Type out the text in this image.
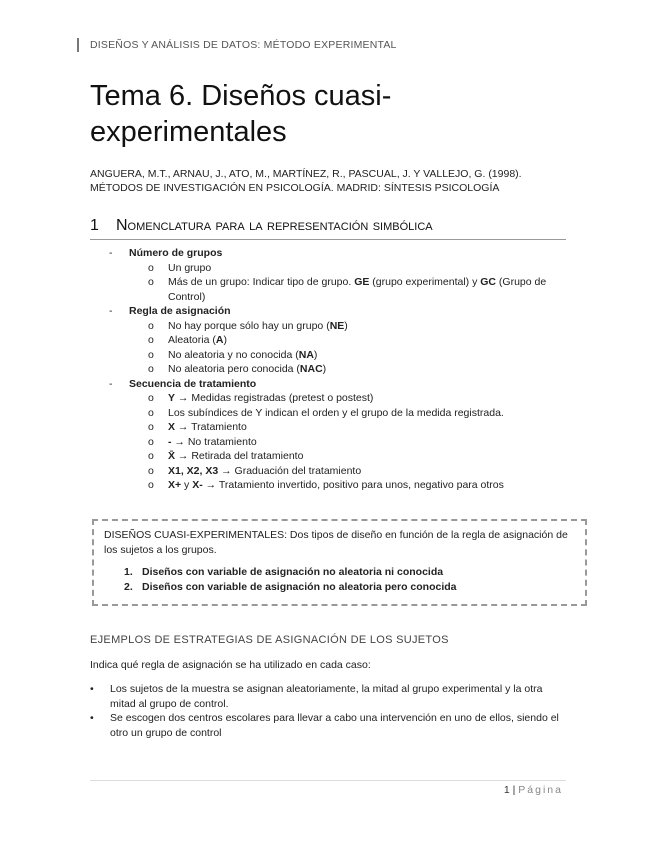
DISEÑOS Y ANÁLISIS DE DATOS: MÉTODO EXPERIMENTAL
Tema 6. Diseños cuasi-experimentales
ANGUERA, M.T., ARNAU, J., ATO, M., MARTÍNEZ, R., PASCUAL, J. Y VALLEJO, G. (1998).
MÉTODOS DE INVESTIGACIÓN EN PSICOLOGÍA. MADRID: SÍNTESIS PSICOLOGÍA
1 Nomenclatura para la representación simbólica
- Número de grupos
o Un grupo
o Más de un grupo: Indicar tipo de grupo. GE (grupo experimental) y GC (Grupo de Control)
- Regla de asignación
o No hay porque sólo hay un grupo (NE)
o Aleatoria (A)
o No aleatoria y no conocida (NA)
o No aleatoria pero conocida (NAC)
- Secuencia de tratamiento
o Y → Medidas registradas (pretest o postest)
o Los subíndices de Y indican el orden y el grupo de la medida registrada.
o X → Tratamiento
o - → No tratamiento
o X̄ → Retirada del tratamiento
o X1, X2, X3 → Graduación del tratamiento
o X+ y X- → Tratamiento invertido, positivo para unos, negativo para otros
DISEÑOS CUASI-EXPERIMENTALES: Dos tipos de diseño en función de la regla de asignación de los sujetos a los grupos.
1. Diseños con variable de asignación no aleatoria ni conocida
2. Diseños con variable de asignación no aleatoria pero conocida
EJEMPLOS DE ESTRATEGIAS DE ASIGNACIÓN DE LOS SUJETOS
Indica qué regla de asignación se ha utilizado en cada caso:
• Los sujetos de la muestra se asignan aleatoriamente, la mitad al grupo experimental y la otra mitad al grupo de control.
• Se escogen dos centros escolares para llevar a cabo una intervención en uno de ellos, siendo el otro un grupo de control
1 | Página
